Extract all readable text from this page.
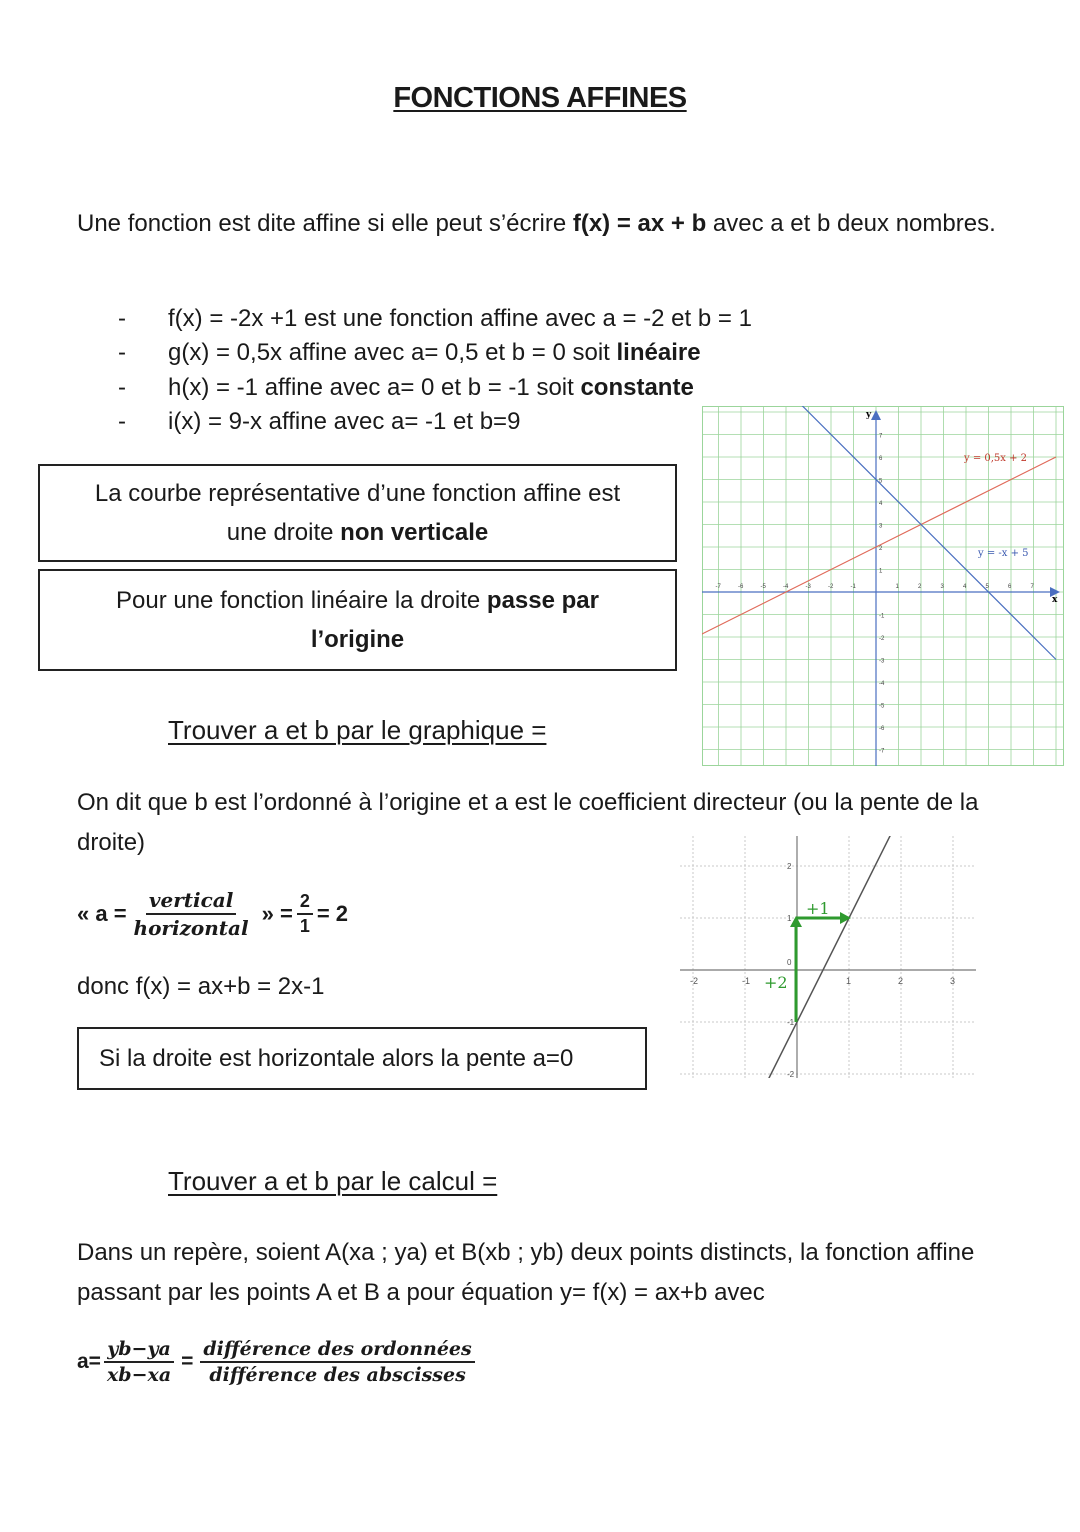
FONCTIONS AFFINES
Une fonction est dite affine si elle peut s’écrire f(x) = ax + b avec a et b deux nombres.
- f(x) = -2x +1 est une fonction affine avec a = -2 et b = 1
- g(x) = 0,5x affine avec a= 0,5 et b = 0 soit linéaire
- h(x) = -1 affine avec a= 0 et b = -1 soit constante
- i(x) = 9-x affine avec a= -1 et b=9
La courbe représentative d’une fonction affine est
une droite non verticale
Pour une fonction linéaire la droite passe par
l’origine
y
x
-7	-6	-5	-4	-3	-2	-1	1	2	3	4	5	6	7
7
6
5
4
3
2
1
-1
-2
-3
-4
-5
-6
-7
y = 0,5x + 2
y = -x + 5
Trouver a et b par le graphique =
On dit que b est l’ordonné à l’origine et a est le coefficient directeur (ou la pente de la droite)
« $a = \frac{\text{vertical}}{\text{horizontal}}$ » = $\frac{2}{1} = 2$
donc f(x) = ax+b = 2x-1
Si la droite est horizontale alors la pente a=0
-2	-1	1	2	3
2
1
0
-1
-2
+2
+1
Trouver a et b par le calcul =
Dans un repère, soient A(xa ; ya) et B(xb ; yb) deux points distincts, la fonction affine passant par les points A et B a pour équation y= f(x) = ax+b avec
$a= \frac{yb-ya}{xb-xa} = \frac{\text{différence des ordonnées}}{\text{différence des abscisses}}$
